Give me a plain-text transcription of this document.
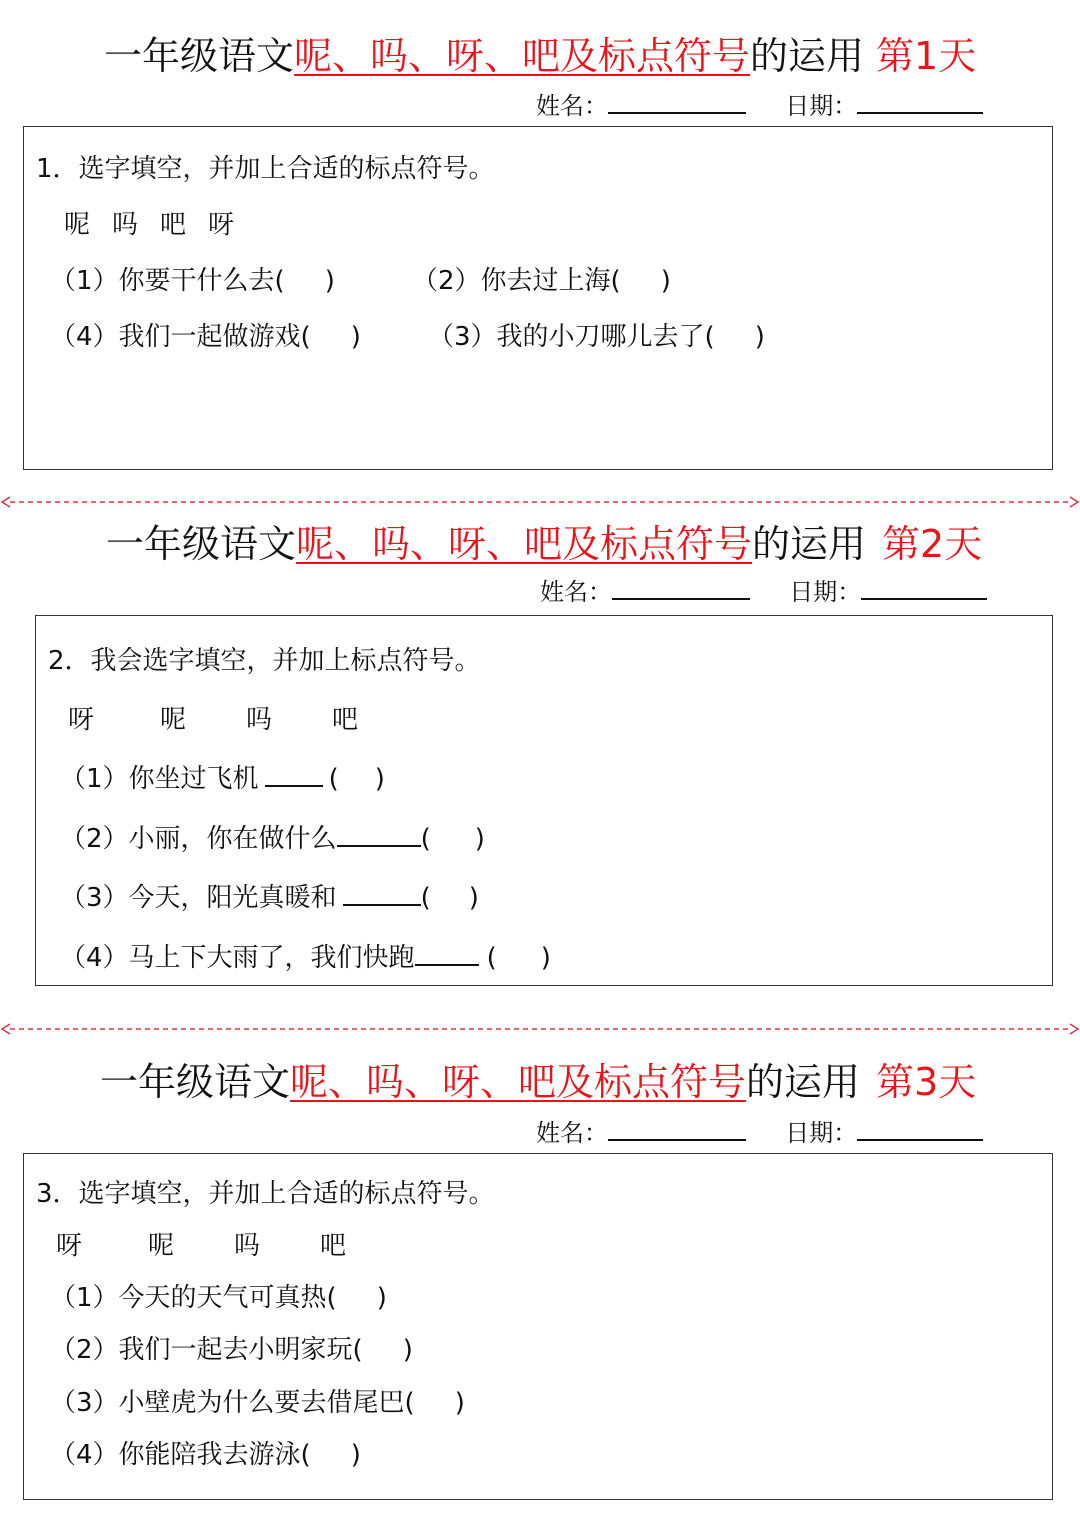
一年级语文呢、吗、呀、吧及标点符号的运用 第1天
姓名：	日期：
1．选字填空，并加上合适的标点符号。
呢 吗 吧 呀
（1）你要干什么去( )	（2）你去过上海( )
（4）我们一起做游戏( )	（3）我的小刀哪儿去了( )
一年级语文呢、吗、呀、吧及标点符号的运用 第2天
姓名：	日期：
2．我会选字填空，并加上标点符号。
呀	呢 吗 吧
（1）你坐过飞机	( )
（2）小丽，你在做什么	( )
（3）今天，阳光真暖和	( )
（4）马上下大雨了，我们快跑	( )
一年级语文呢、吗、呀、吧及标点符号的运用 第3天
姓名：	日期：
3．选字填空，并加上合适的标点符号。
呀	呢 吗 吧
（1）今天的天气可真热( )
（2）我们一起去小明家玩( )
（3）小壁虎为什么要去借尾巴( )
（4）你能陪我去游泳( )
